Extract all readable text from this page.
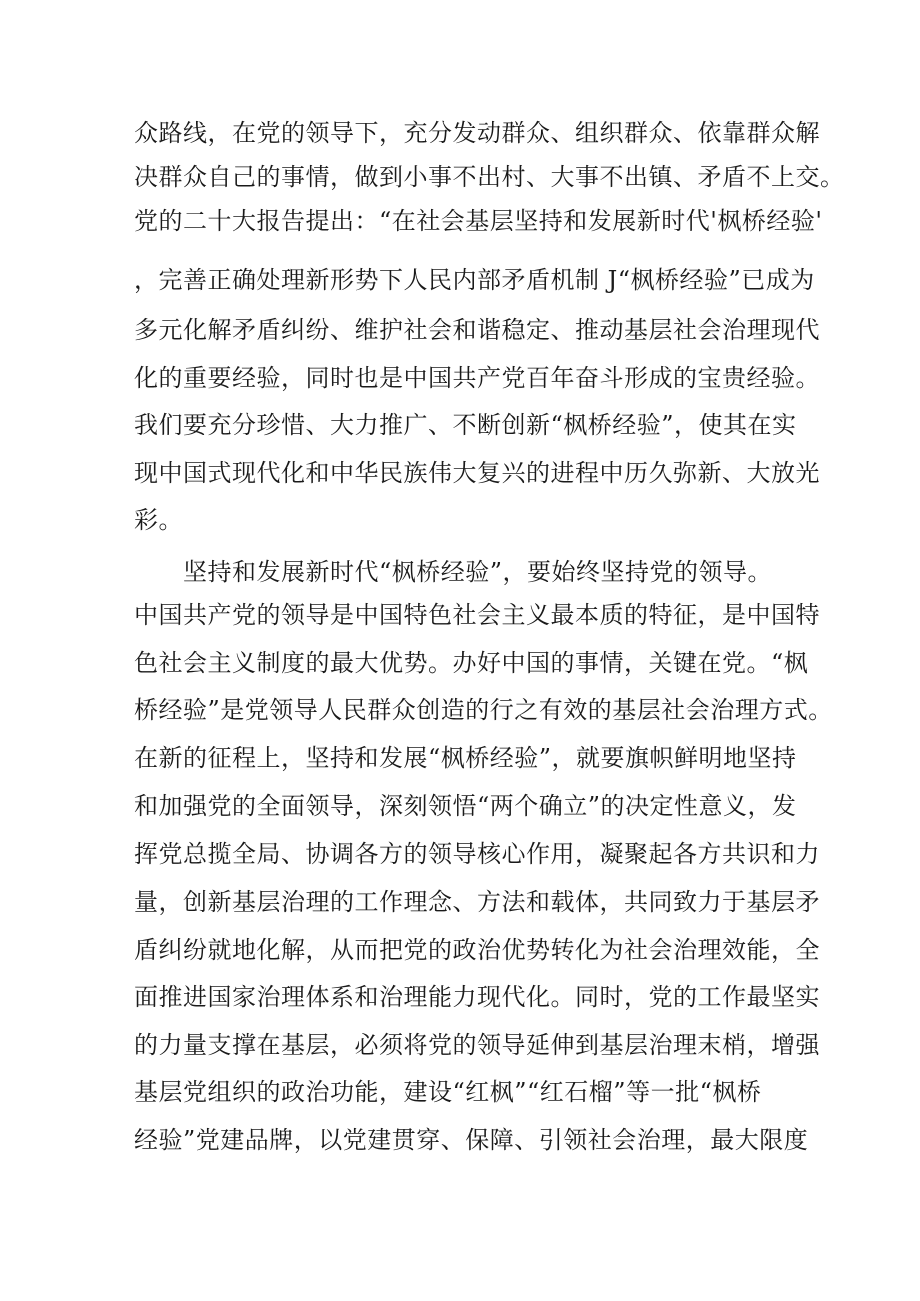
众路线，在党的领导下，充分发动群众、组织群众、依靠群众解
决群众自己的事情，做到小事不出村、大事不出镇、矛盾不上交。
党的二十大报告提出：“在社会基层坚持和发展新时代'枫桥经验'
，完善正确处理新形势下人民内部矛盾机制 J“枫桥经验”已成为
多元化解矛盾纠纷、维护社会和谐稳定、推动基层社会治理现代
化的重要经验，同时也是中国共产党百年奋斗形成的宝贵经验。
我们要充分珍惜、大力推广、不断创新“枫桥经验”，使其在实
现中国式现代化和中华民族伟大复兴的进程中历久弥新、大放光
彩。
坚持和发展新时代“枫桥经验”，要始终坚持党的领导。
中国共产党的领导是中国特色社会主义最本质的特征，是中国特
色社会主义制度的最大优势。办好中国的事情，关键在党。“枫
桥经验”是党领导人民群众创造的行之有效的基层社会治理方式。
在新的征程上，坚持和发展“枫桥经验”，就要旗帜鲜明地坚持
和加强党的全面领导，深刻领悟“两个确立”的决定性意义，发
挥党总揽全局、协调各方的领导核心作用，凝聚起各方共识和力
量，创新基层治理的工作理念、方法和载体，共同致力于基层矛
盾纠纷就地化解，从而把党的政治优势转化为社会治理效能，全
面推进国家治理体系和治理能力现代化。同时，党的工作最坚实
的力量支撑在基层，必须将党的领导延伸到基层治理末梢，增强
基层党组织的政治功能，建设“红枫”“红石榴”等一批“枫桥
经验”党建品牌，以党建贯穿、保障、引领社会治理，最大限度
